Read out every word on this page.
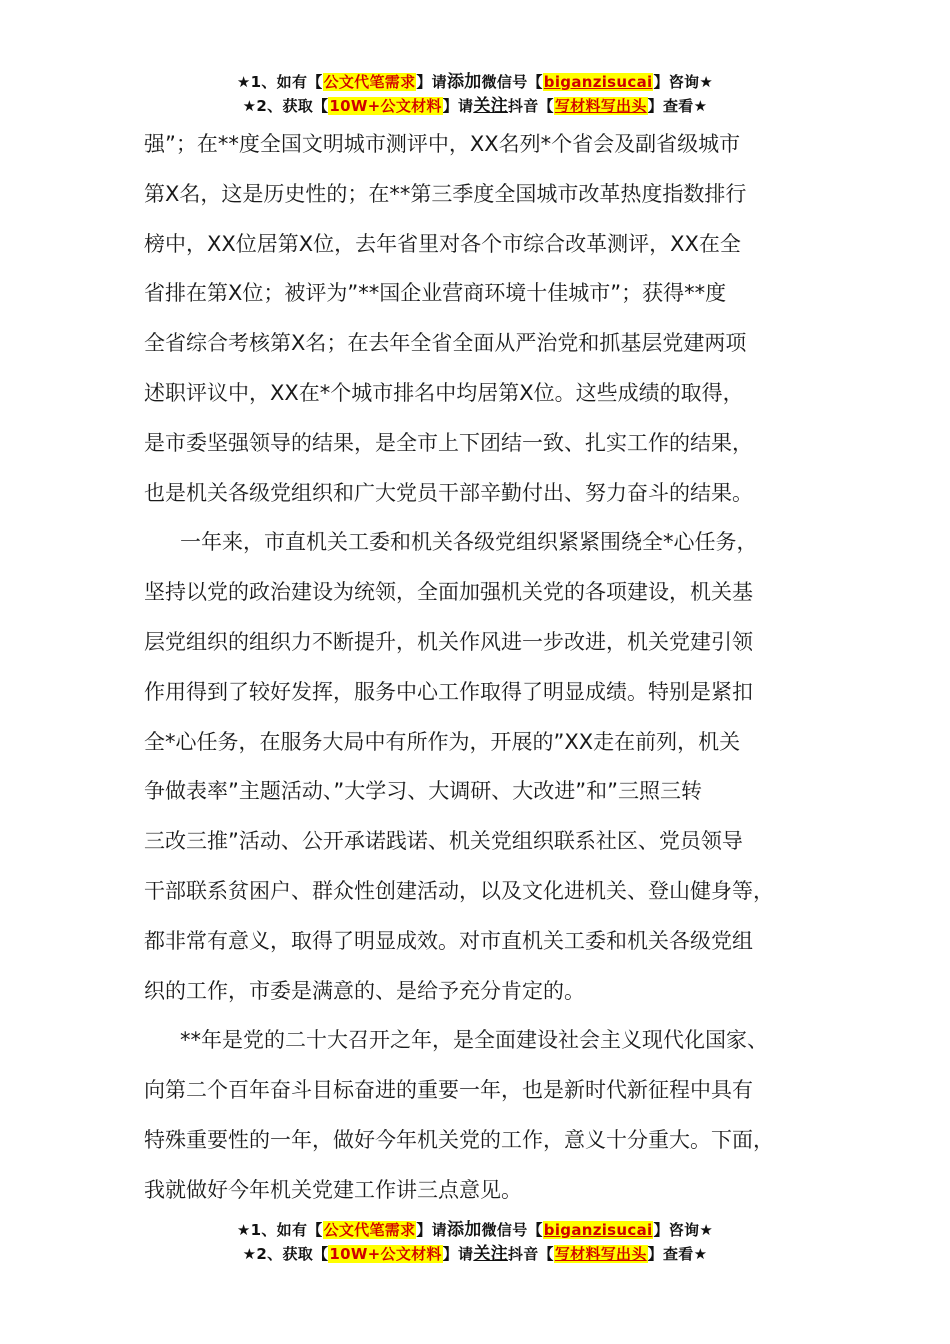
★1、如有【公文代笔需求】请添加微信号【biganzisucai】咨询★
★2、获取【10W+公文材料】请关注抖音【写材料写出头】查看★

强”；在**度全国文明城市测评中，XX名列*个省会及副省级城市

第X名，这是历史性的；在**第三季度全国城市改革热度指数排行

榜中，XX位居第X位，去年省里对各个市综合改革测评，XX在全

省排在第X位；被评为”**国企业营商环境十佳城市”；获得**度

全省综合考核第X名；在去年全省全面从严治党和抓基层党建两项

述职评议中，XX在*个城市排名中均居第X位。这些成绩的取得，

是市委坚强领导的结果，是全市上下团结一致、扎实工作的结果，

也是机关各级党组织和广大党员干部辛勤付出、努力奋斗的结果。

一年来，市直机关工委和机关各级党组织紧紧围绕全*心任务，

坚持以党的政治建设为统领，全面加强机关党的各项建设，机关基

层党组织的组织力不断提升，机关作风进一步改进，机关党建引领

作用得到了较好发挥，服务中心工作取得了明显成绩。特别是紧扣

全*心任务，在服务大局中有所作为，开展的”XX走在前列，机关

争做表率”主题活动、”大学习、大调研、大改进”和”三照三转

三改三推”活动、公开承诺践诺、机关党组织联系社区、党员领导

干部联系贫困户、群众性创建活动，以及文化进机关、登山健身等，

都非常有意义，取得了明显成效。对市直机关工委和机关各级党组

织的工作，市委是满意的、是给予充分肯定的。

**年是党的二十大召开之年，是全面建设社会主义现代化国家、

向第二个百年奋斗目标奋进的重要一年，也是新时代新征程中具有

特殊重要性的一年，做好今年机关党的工作，意义十分重大。下面，

我就做好今年机关党建工作讲三点意见。

★1、如有【公文代笔需求】请添加微信号【biganzisucai】咨询★
★2、获取【10W+公文材料】请关注抖音【写材料写出头】查看★
